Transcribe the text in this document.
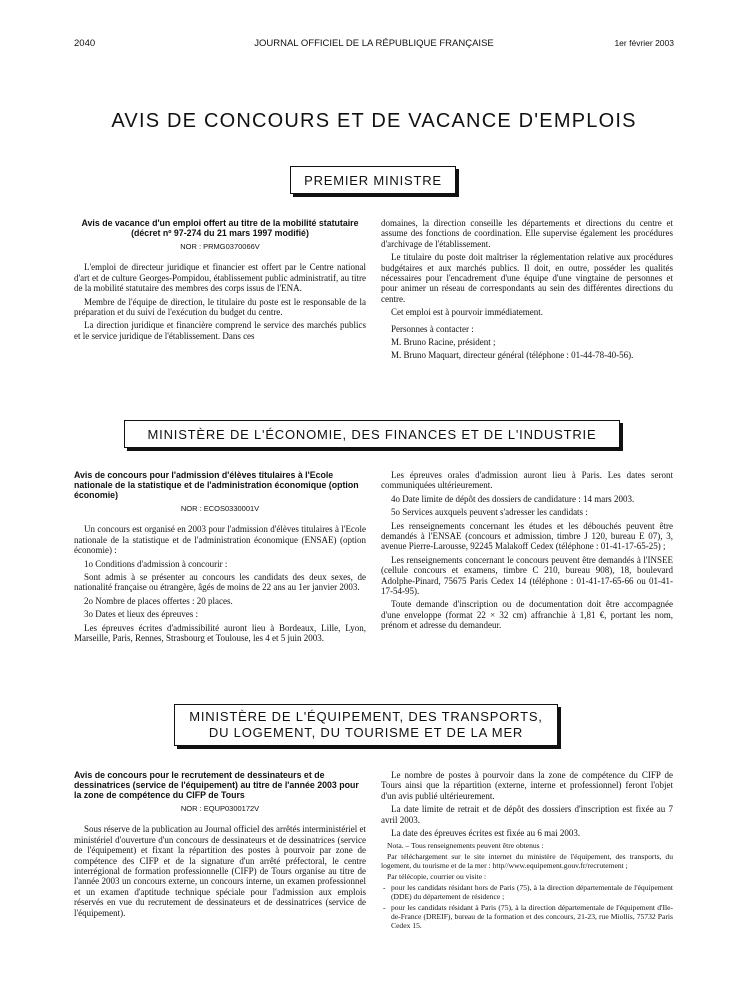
2040	JOURNAL OFFICIEL DE LA RÉPUBLIQUE FRANÇAISE	1er février 2003
AVIS DE CONCOURS ET DE VACANCE D'EMPLOIS
PREMIER MINISTRE
Avis de vacance d'un emploi offert au titre de la mobilité statutaire (décret nº 97-274 du 21 mars 1997 modifié)
NOR : PRMG0370066V

L'emploi de directeur juridique et financier est offert par le Centre national d'art et de culture Georges-Pompidou, établissement public administratif, au titre de la mobilité statutaire des membres des corps issus de l'ENA.

Membre de l'équipe de direction, le titulaire du poste est le responsable de la préparation et du suivi de l'exécution du budget du centre.

La direction juridique et financière comprend le service des marchés publics et le service juridique de l'établissement. Dans ces

domaines, la direction conseille les départements et directions du centre et assume des fonctions de coordination. Elle supervise également les procédures d'archivage de l'établissement.

Le titulaire du poste doit maîtriser la réglementation relative aux procédures budgétaires et aux marchés publics. Il doit, en outre, posséder les qualités nécessaires pour l'encadrement d'une équipe d'une vingtaine de personnes et pour animer un réseau de correspondants au sein des différentes directions du centre.

Cet emploi est à pourvoir immédiatement.

Personnes à contacter :

M. Bruno Racine, président ;

M. Bruno Maquart, directeur général (téléphone : 01-44-78-40-56).

MINISTÈRE DE L'ÉCONOMIE, DES FINANCES ET DE L'INDUSTRIE
Avis de concours pour l'admission d'élèves titulaires à l'Ecole nationale de la statistique et de l'administration économique (option économie)
NOR : ECOS0330001V

Un concours est organisé en 2003 pour l'admission d'élèves titulaires à l'Ecole nationale de la statistique et de l'administration économique (ENSAE) (option économie) :

1o Conditions d'admission à concourir :

Sont admis à se présenter au concours les candidats des deux sexes, de nationalité française ou étrangère, âgés de moins de 22 ans au 1er janvier 2003.

2o Nombre de places offertes : 20 places.

3o Dates et lieux des épreuves :

Les épreuves écrites d'admissibilité auront lieu à Bordeaux, Lille, Lyon, Marseille, Paris, Rennes, Strasbourg et Toulouse, les 4 et 5 juin 2003.

Les épreuves orales d'admission auront lieu à Paris. Les dates seront communiquées ultérieurement.

4o Date limite de dépôt des dossiers de candidature : 14 mars 2003.

5o Services auxquels peuvent s'adresser les candidats :

Les renseignements concernant les études et les débouchés peuvent être demandés à l'ENSAE (concours et admission, timbre J 120, bureau E 07), 3, avenue Pierre-Larousse, 92245 Malakoff Cedex (téléphone : 01-41-17-65-25) ;

Les renseignements concernant le concours peuvent être demandés à l'INSEE (cellule concours et examens, timbre C 210, bureau 908), 18, boulevard Adolphe-Pinard, 75675 Paris Cedex 14 (téléphone : 01-41-17-65-66 ou 01-41-17-54-95).

Toute demande d'inscription ou de documentation doit être accompagnée d'une enveloppe (format 22 × 32 cm) affranchie à 1,81 €, portant les nom, prénom et adresse du demandeur.

MINISTÈRE DE L'ÉQUIPEMENT, DES TRANSPORTS,
DU LOGEMENT, DU TOURISME ET DE LA MER
Avis de concours pour le recrutement de dessinateurs et de dessinatrices (service de l'équipement) au titre de l'année 2003 pour la zone de compétence du CIFP de Tours
NOR : EQUP0300172V

Sous réserve de la publication au Journal officiel des arrêtés interministériel et ministériel d'ouverture d'un concours de dessinateurs et de dessinatrices (service de l'équipement) et fixant la répartition des postes à pourvoir par zone de compétence des CIFP et de la signature d'un arrêté préfectoral, le centre interrégional de formation professionnelle (CIFP) de Tours organise au titre de l'année 2003 un concours externe, un concours interne, un examen professionnel et un examen d'aptitude technique spéciale pour l'admission aux emplois réservés en vue du recrutement de dessinateurs et de dessinatrices (service de l'équipement).

Le nombre de postes à pourvoir dans la zone de compétence du CIFP de Tours ainsi que la répartition (externe, interne et professionnel) feront l'objet d'un avis publié ultérieurement.

La date limite de retrait et de dépôt des dossiers d'inscription est fixée au 7 avril 2003.

La date des épreuves écrites est fixée au 6 mai 2003.

Nota. – Tous renseignements peuvent être obtenus :

Par téléchargement sur le site internet du ministère de l'équipement, des transports, du logement, du tourisme et de la mer : http//www.equipement.gouv.fr/recrutement ;

Par télécopie, courrier ou visite :

- pour les candidats résidant hors de Paris (75), à la direction départementale de l'équipement (DDE) du département de résidence ;

- pour les candidats résidant à Paris (75), à la direction départementale de l'équipement d'Ile-de-France (DREIF), bureau de la formation et des concours, 21-23, rue Miollis, 75732 Paris Cedex 15.
